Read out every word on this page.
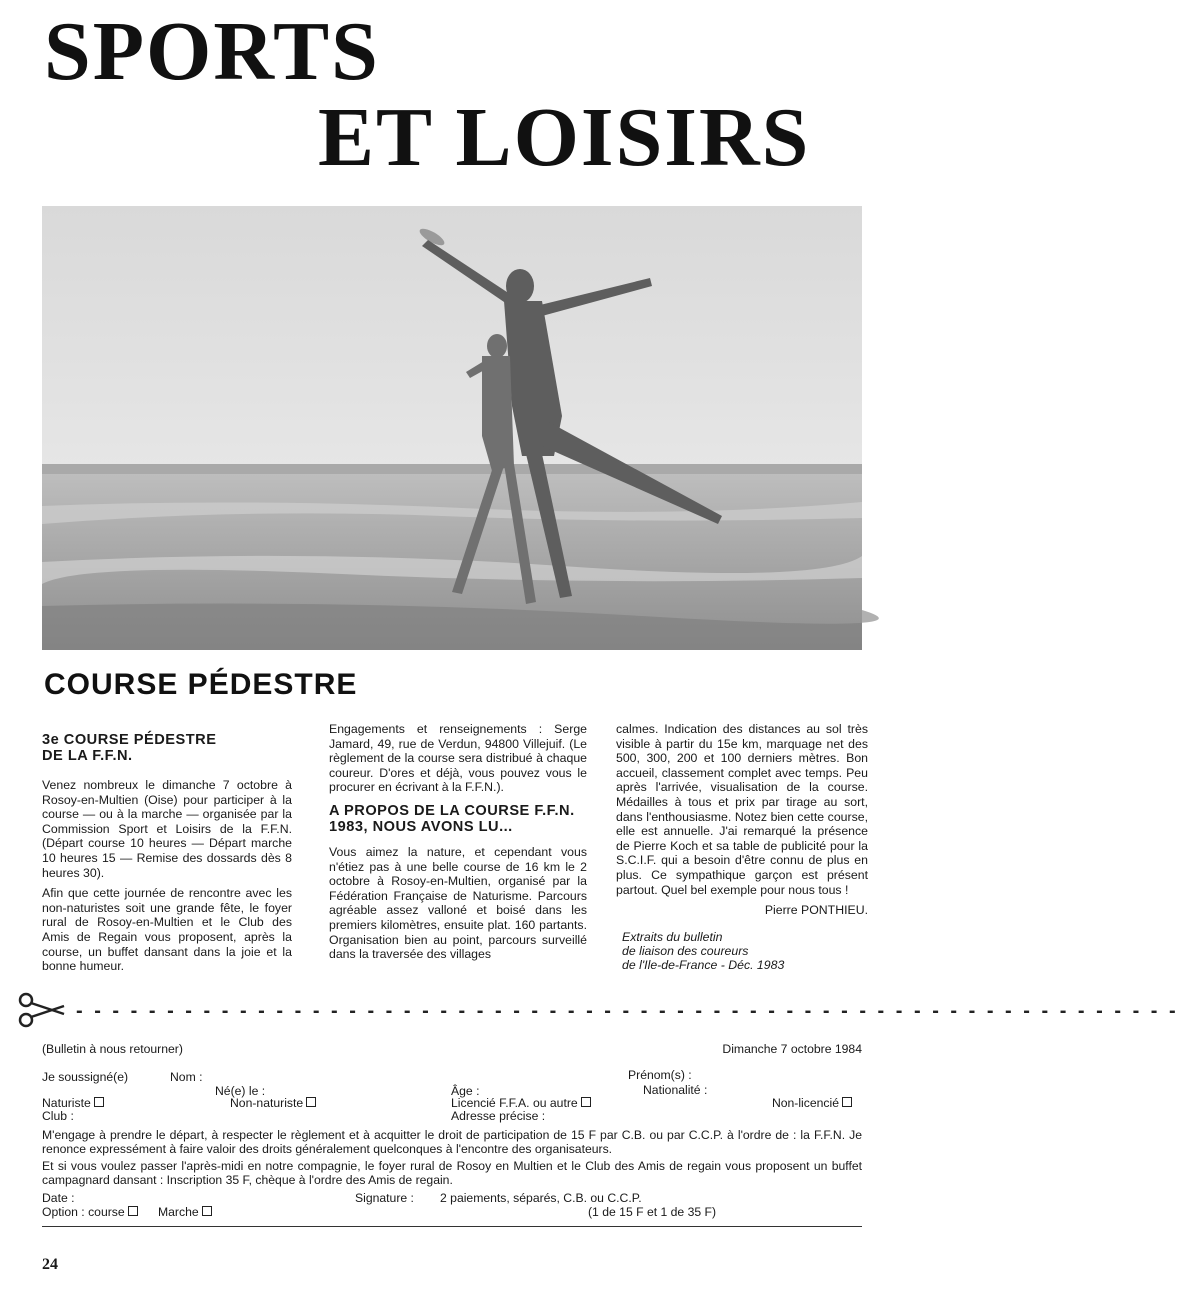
SPORTS
ET LOISIRS
COURSE PÉDESTRE
3e COURSE PÉDESTRE
DE LA F.F.N.

Venez nombreux le dimanche 7 octobre à Rosoy-en-Multien (Oise) pour participer à la course — ou à la marche — organisée par la Commission Sport et Loisirs de la F.F.N. (Départ course 10 heures — Départ marche 10 heures 15 — Remise des dossards dès 8 heures 30).

Afin que cette journée de rencontre avec les non-naturistes soit une grande fête, le foyer rural de Rosoy-en-Multien et le Club des Amis de Regain vous proposent, après la course, un buffet dansant dans la joie et la bonne humeur.

Engagements et renseignements : Serge Jamard, 49, rue de Verdun, 94800 Villejuif. (Le règlement de la course sera distribué à chaque coureur. D'ores et déjà, vous pouvez vous le procurer en écrivant à la F.F.N.).

A PROPOS DE LA COURSE F.F.N. 1983, NOUS AVONS LU...

Vous aimez la nature, et cependant vous n'étiez pas à une belle course de 16 km le 2 octobre à Rosoy-en-Multien, organisé par la Fédération Française de Naturisme. Parcours agréable assez valloné et boisé dans les premiers kilomètres, ensuite plat. 160 partants. Organisation bien au point, parcours surveillé dans la traversée des villages

calmes. Indication des distances au sol très visible à partir du 15e km, marquage net des 500, 300, 200 et 100 derniers mètres. Bon accueil, classement complet avec temps. Peu après l'arrivée, visualisation de la course. Médailles à tous et prix par tirage au sort, dans l'enthousiasme. Notez bien cette course, elle est annuelle. J'ai remarqué la présence de Pierre Koch et sa table de publicité pour la S.C.I.F. qui a besoin d'être connu de plus en plus. Ce sympathique garçon est présent partout. Quel bel exemple pour nous tous !

Pierre PONTHIEU.
Extraits du bulletin
de liaison des coureurs
de l'Ile-de-France - Déc. 1983
- - - - - - - - - - - - - - - - - - - - - - - - - - - - - - - - - - - - - - - - - - - - - - - - - - - - - - - - - - - - -
(Bulletin à nous retourner)	Dimanche 7 octobre 1984
Je soussigné(e)	Nom :	Prénom(s) :
Né(e) le :	Âge :	Nationalité :
Naturiste	Non-naturiste	Licencié F.F.A. ou autre	Non-licencié
Club :	Adresse précise :

M'engage à prendre le départ, à respecter le règlement et à acquitter le droit de participation de 15 F par C.B. ou par C.C.P. à l'ordre de : la F.F.N. Je renonce expressément à faire valoir des droits généralement quelconques à l'encontre des organisateurs.

Et si vous voulez passer l'après-midi en notre compagnie, le foyer rural de Rosoy en Multien et le Club des Amis de regain vous proposent un buffet campagnard dansant : Inscription 35 F, chèque à l'ordre des Amis de regain.

Date :	Signature : 2 paiements, séparés, C.B. ou C.C.P.
Option : course	Marche	(1 de 15 F et 1 de 35 F)
24
